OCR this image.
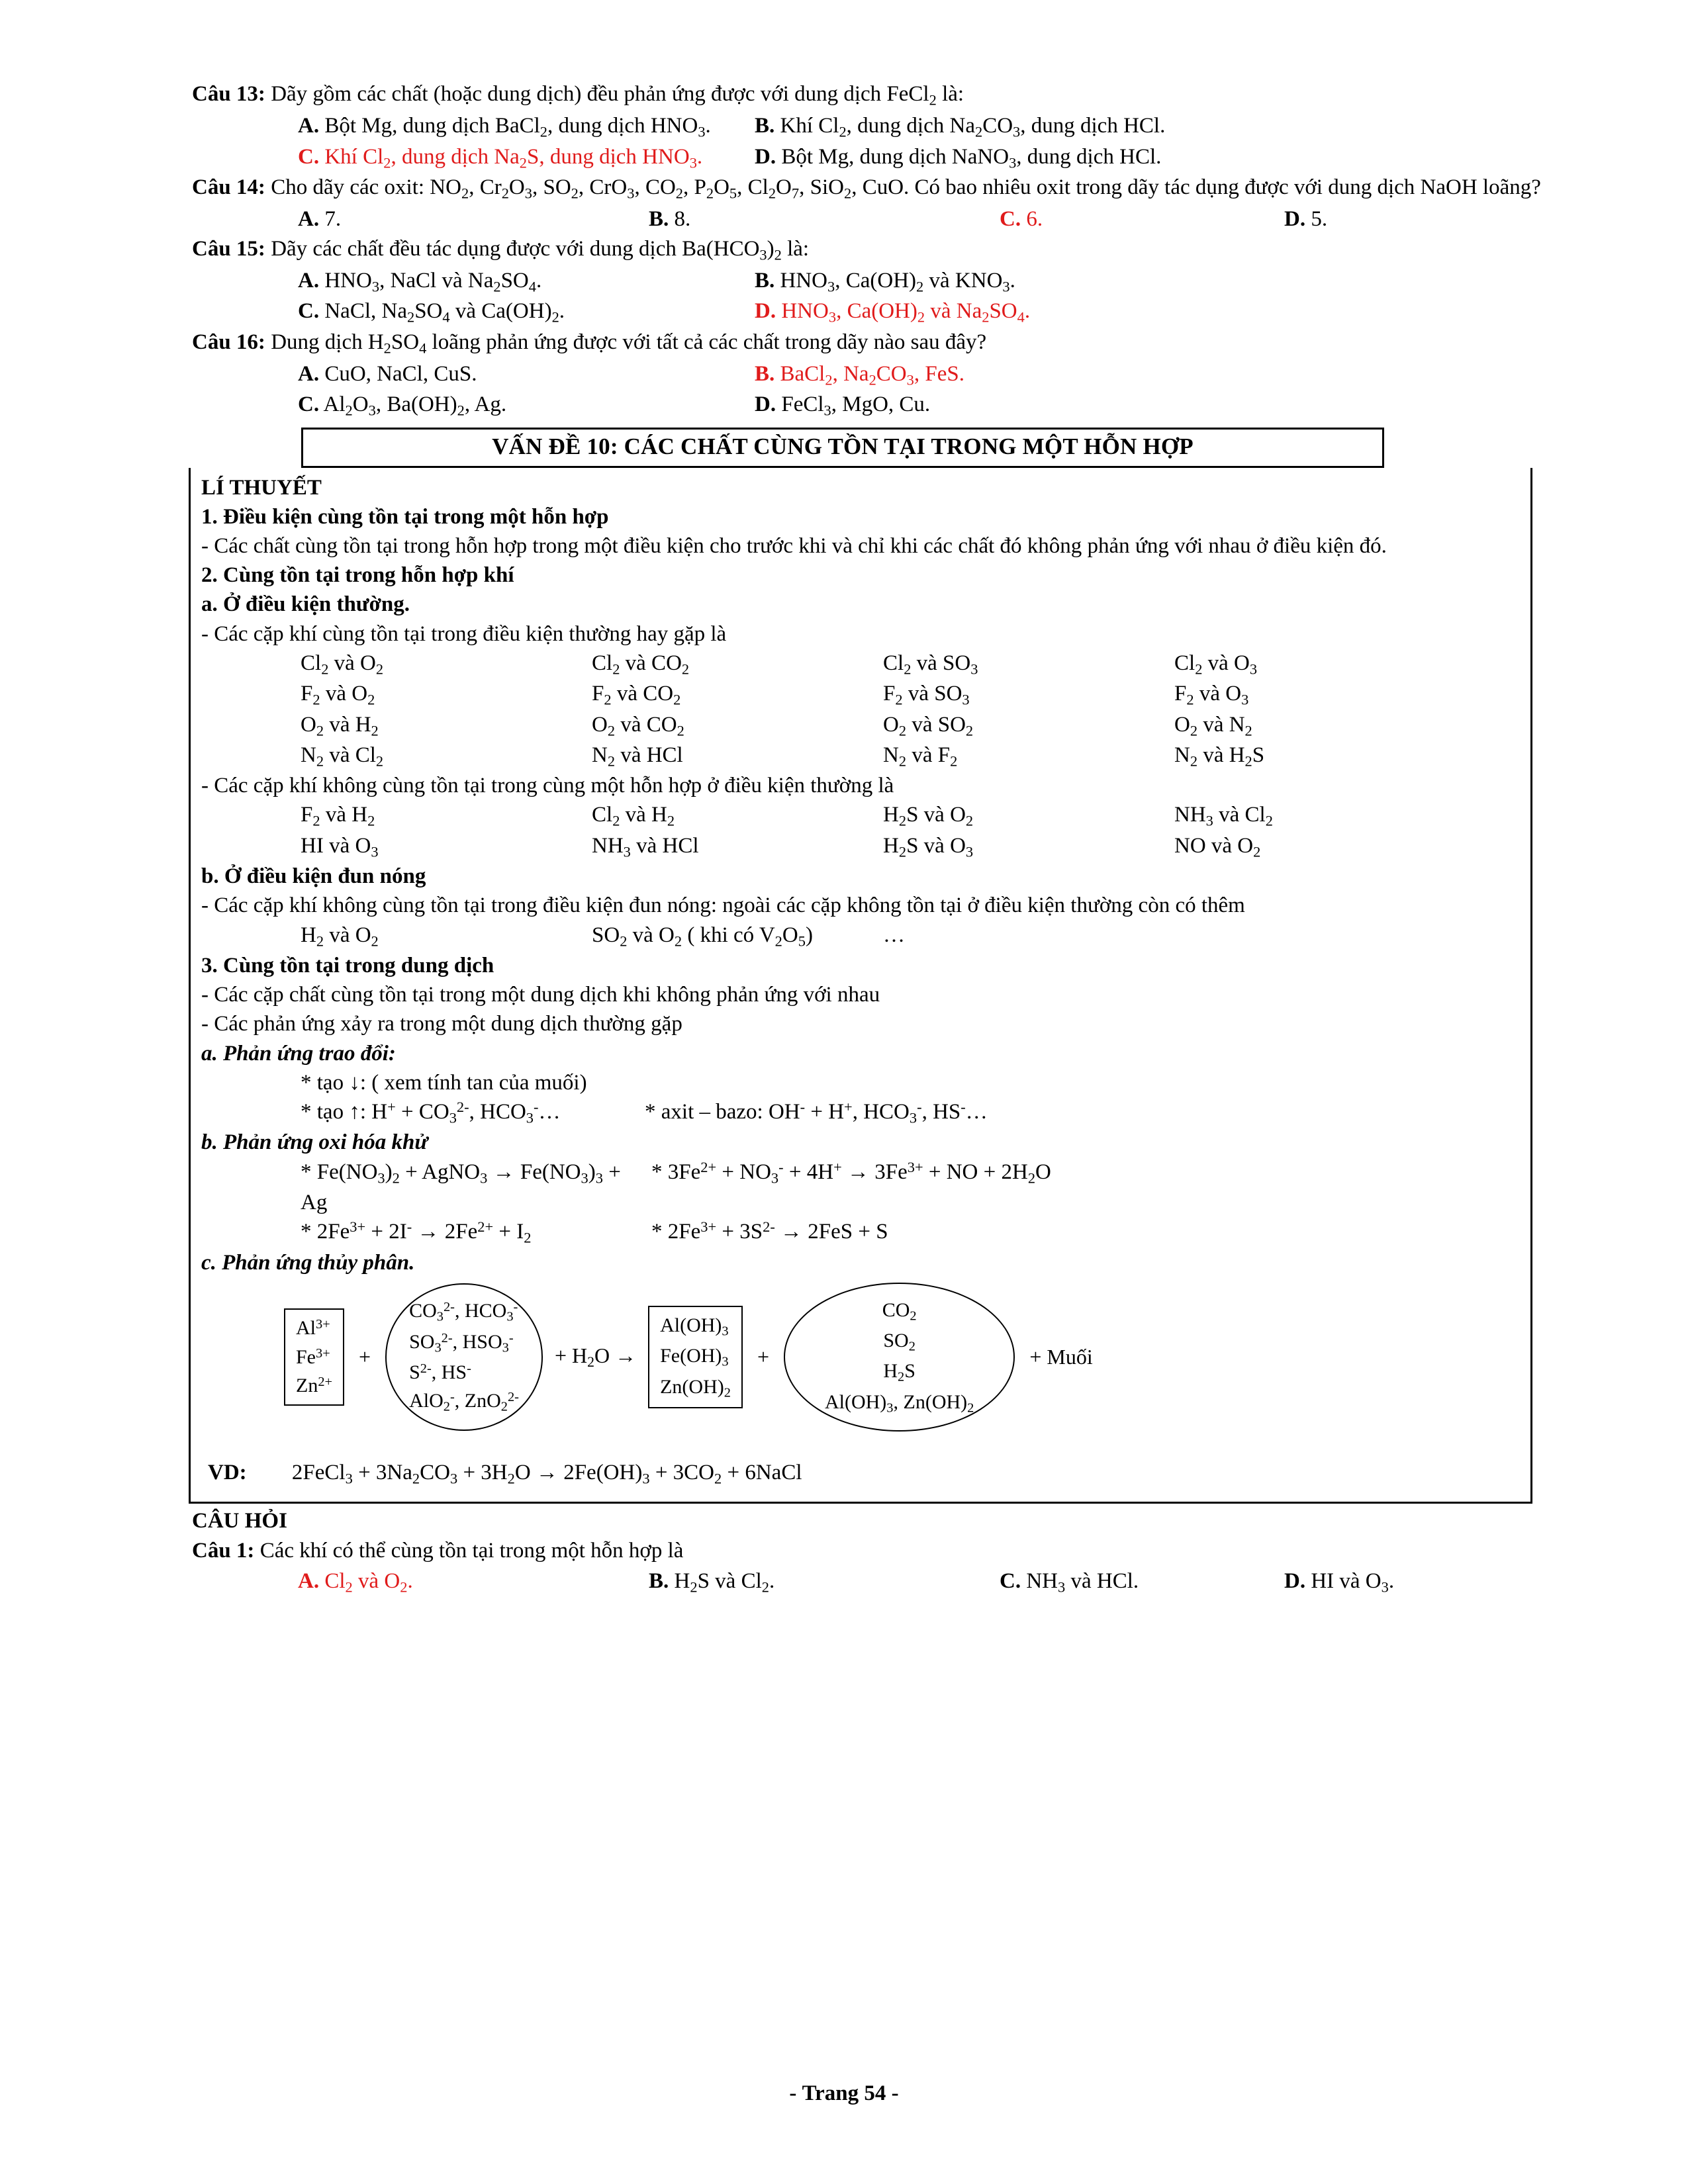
Câu 13: Dãy gồm các chất (hoặc dung dịch) đều phản ứng được với dung dịch FeCl$_2$ là:
A. Bột Mg, dung dịch BaCl$_2$, dung dịch $HNO_3$.	B. Khí $Cl_2$, dung dịch $Na_2CO_3$, dung dịch HCl.
C. Khí $Cl_2$, dung dịch $Na_2S$, dung dịch $HNO_3$.	D. Bột Mg, dung dịch NaNO$_3$, dung dịch HCl.
Câu 14: Cho dãy các oxit: $NO_2$, $Cr_2O_3$, $SO_2$, CrO$_3$, $CO_2$, $P_2O_5$, $Cl_2O_7$, SiO$_2$, CuO. Có bao nhiêu oxit trong dãy tác dụng được với dung dịch NaOH loãng?
A. 7.	B. 8.	C. 6.	D. 5.
Câu 15: Dãy các chất đều tác dụng được với dung dịch $Ba(HCO_3)_2$ là:
A. $HNO_3$, NaCl và $Na_2SO_4$.	B. $HNO_3$, $Ca(OH)_2$ và $KNO_3$.
C. NaCl, $Na_2SO_4$ và $Ca(OH)_2$.	D. $HNO_3$, $Ca(OH)_2$ và $Na_2SO_4$.
Câu 16: Dung dịch $H_2SO_4$ loãng phản ứng được với tất cả các chất trong dãy nào sau đây?
A. CuO, NaCl, CuS.	B. BaCl$_2$, $Na_2CO_3$, FeS.
C. $Al_2O_3$, $Ba(OH)_2$, Ag.	D. FeCl$_3$, MgO, Cu.
VẤN ĐỀ 10: CÁC CHẤT CÙNG TỒN TẠI TRONG MỘT HỖN HỢP
LÍ THUYẾT
1. Điều kiện cùng tồn tại trong một hỗn hợp
- Các chất cùng tồn tại trong hỗn hợp trong một điều kiện cho trước khi và chỉ khi các chất đó không phản ứng với nhau ở điều kiện đó.
2. Cùng tồn tại trong hỗn hợp khí
a. Ở điều kiện thường.
- Các cặp khí cùng tồn tại trong điều kiện thường hay gặp là
$Cl_2$ và $O_2$	$Cl_2$ và $CO_2$	$Cl_2$ và $SO_3$	$Cl_2$ và $O_3$
$F_2$ và $O_2$	$F_2$ và $CO_2$	$F_2$ và $SO_3$	$F_2$ và $O_3$
$O_2$ và $H_2$	$O_2$ và $CO_2$	$O_2$ và $SO_2$	$O_2$ và $N_2$
$N_2$ và $Cl_2$	$N_2$ và HCl	$N_2$ và $F_2$	$N_2$ và $H_2S$
- Các cặp khí không cùng tồn tại trong cùng một hỗn hợp ở điều kiện thường là
$F_2$ và $H_2$	$Cl_2$ và $H_2$	$H_2S$ và $O_2$	$NH_3$ và $Cl_2$
HI và $O_3$	$NH_3$ và HCl	$H_2S$ và $O_3$	NO và $O_2$
b. Ở điều kiện đun nóng
- Các cặp khí không cùng tồn tại trong điều kiện đun nóng: ngoài các cặp không tồn tại ở điều kiện thường còn có thêm
$H_2$ và $O_2$	$SO_2$ và $O_2$ ( khi có $V_2O_5$)	…
3. Cùng tồn tại trong dung dịch
- Các cặp chất cùng tồn tại trong một dung dịch khi không phản ứng với nhau
- Các phản ứng xảy ra trong một dung dịch thường gặp
a. Phản ứng trao đổi:
* tạo ↓: ( xem tính tan của muối)
* tạo ↑: $H^+ + CO_3^{2-}$, $HCO_3^-\dots$	* axit – bazo: OH- + H+, $HCO_3^-$, HS-…
b. Phản ứng oxi hóa khử
* $Fe(NO_3)_2$ + AgNO$_3$ → $Fe(NO_3)_3 + Ag$
* $3Fe^{2+} + NO_3^- + 4H^+ \to 3Fe^{3+}$ + NO + $2H_2O$
* $2Fe^{3+} + 2I^- \to 2Fe^{2+} + I_2$	* $2Fe^{3+} + 3S^{2-} \to 2FeS + S$
c. Phản ứng thủy phân.
$Al^{3+}$
$Fe^{3+}$
$Zn^{2+}$
+
$CO_3^{2-}$, $HCO_3^-$
$SO_3^{2-}$, $HSO_3^-$
$S^{2-}$, HS-
AlO$_2$-, ZnO$_2^{2-}$
+ $H_2O$ →
$Al(OH)_3$
$Fe(OH)_3$
$Zn(OH)_2$
+
$CO_2$
$SO_2$
$H_2S$
$Al(OH)_3$, $Zn(OH)_2$
+ Muối
VD: 2FeCl$_3$ + $3Na_2CO_3 + 3H_2O \to 2Fe(OH)_3 + 3CO_2$ + 6NaCl
CÂU HỎI
Câu 1: Các khí có thể cùng tồn tại trong một hỗn hợp là
A. $Cl_2$ và $O_2$.	B. $H_2S$ và $Cl_2$.	C. $NH_3$ và HCl.	D. HI và $O_3$.
- Trang 54 -
